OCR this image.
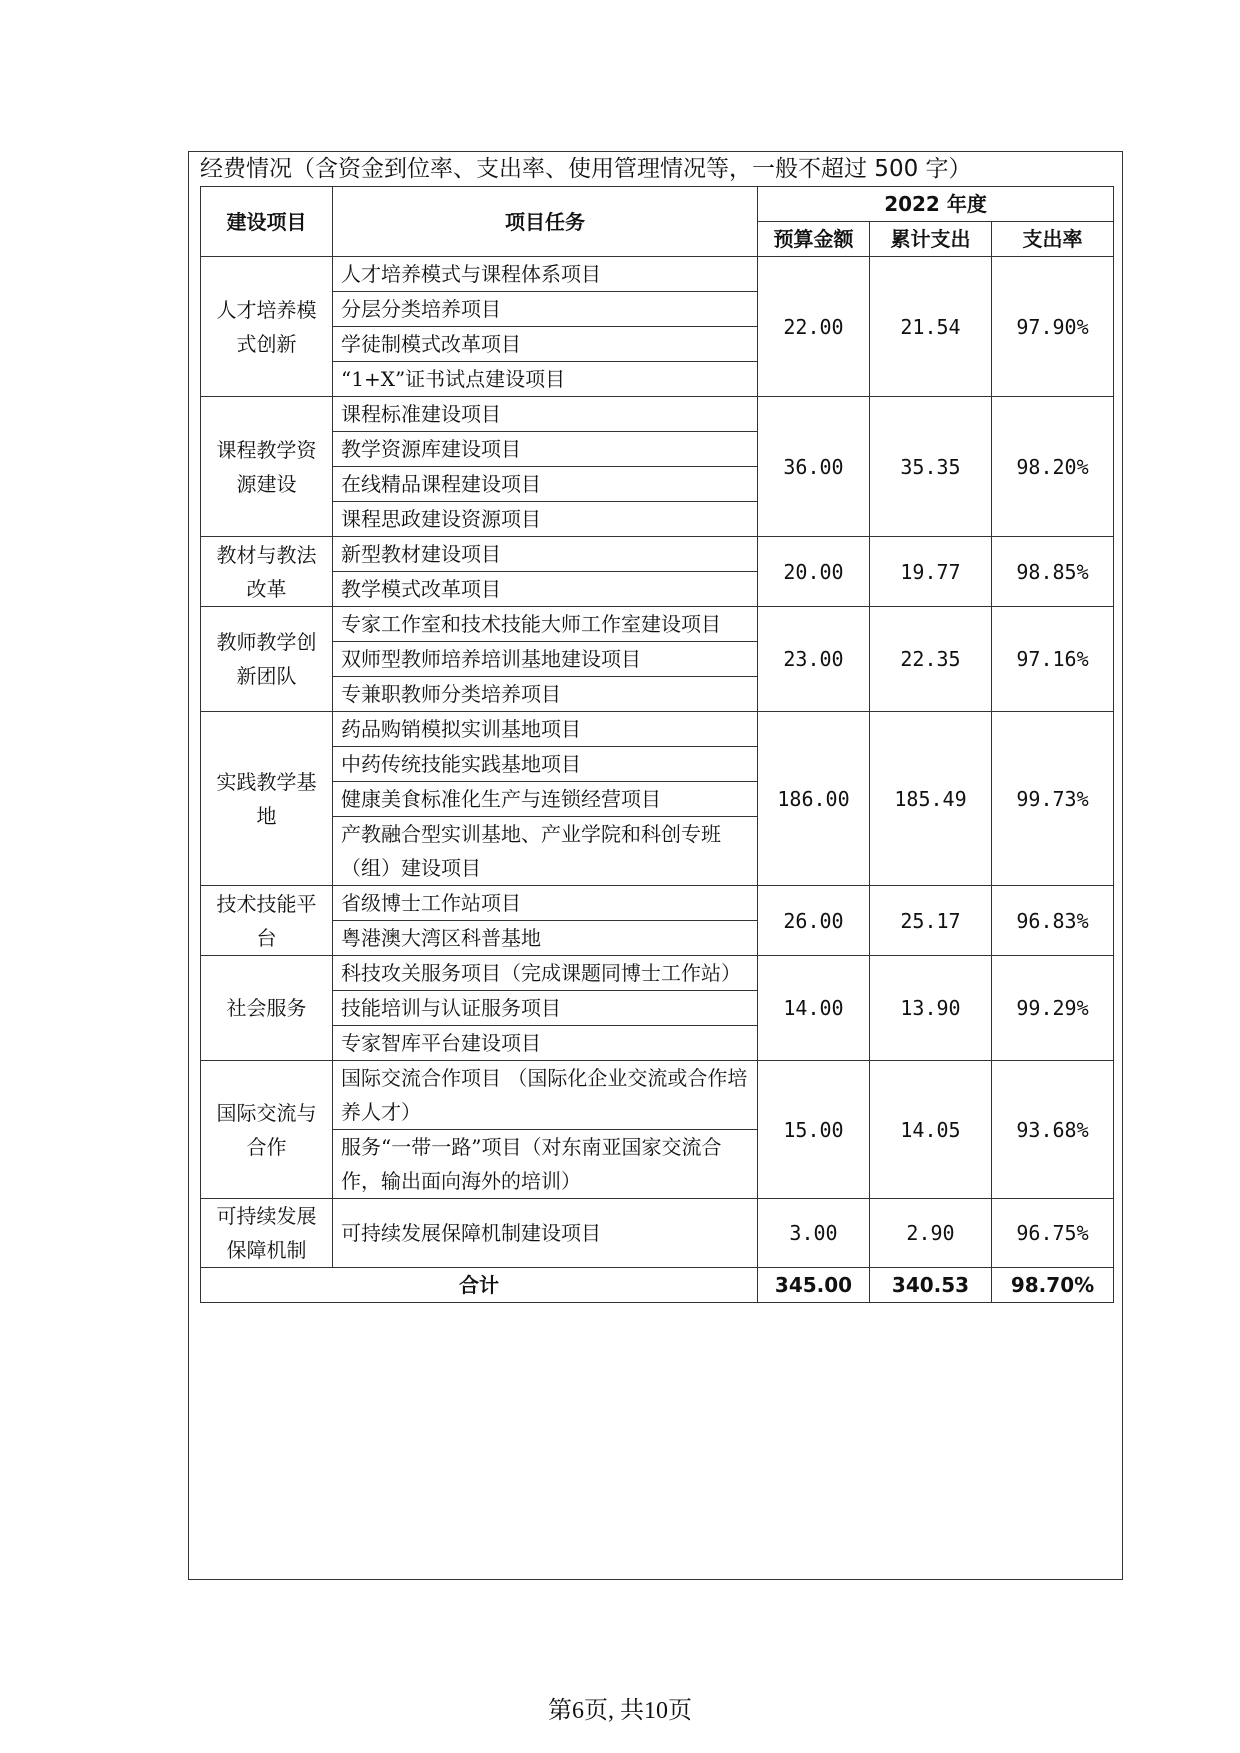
经费情况（含资金到位率、支出率、使用管理情况等，一般不超过 500 字）
建设项目	项目任务	2022 年度		
		预算金额	累计支出	支出率
人才培养模式创新	人才培养模式与课程体系项目	22.00	21.54	97.90%
	分层分类培养项目			
	学徒制模式改革项目			
	“1+X”证书试点建设项目			
课程教学资源建设	课程标准建设项目	36.00	35.35	98.20%
	教学资源库建设项目			
	在线精品课程建设项目			
	课程思政建设资源项目			
教材与教法改革	新型教材建设项目	20.00	19.77	98.85%
	教学模式改革项目			
教师教学创新团队	专家工作室和技术技能大师工作室建设项目	23.00	22.35	97.16%
	双师型教师培养培训基地建设项目			
	专兼职教师分类培养项目			
实践教学基地	药品购销模拟实训基地项目	186.00	185.49	99.73%
	中药传统技能实践基地项目			
	健康美食标准化生产与连锁经营项目			
	产教融合型实训基地、产业学院和科创专班（组）建设项目			
技术技能平台	省级博士工作站项目	26.00	25.17	96.83%
	粤港澳大湾区科普基地			
社会服务	科技攻关服务项目（完成课题同博士工作站）	14.00	13.90	99.29%
	技能培训与认证服务项目			
	专家智库平台建设项目			
国际交流与合作	国际交流合作项目 （国际化企业交流或合作培养人才）	15.00	14.05	93.68%
	服务“一带一路”项目（对东南亚国家交流合作，输出面向海外的培训）			
可持续发展保障机制	可持续发展保障机制建设项目	3.00	2.90	96.75%
合计		345.00	340.53	98.70%
第6页, 共10页
